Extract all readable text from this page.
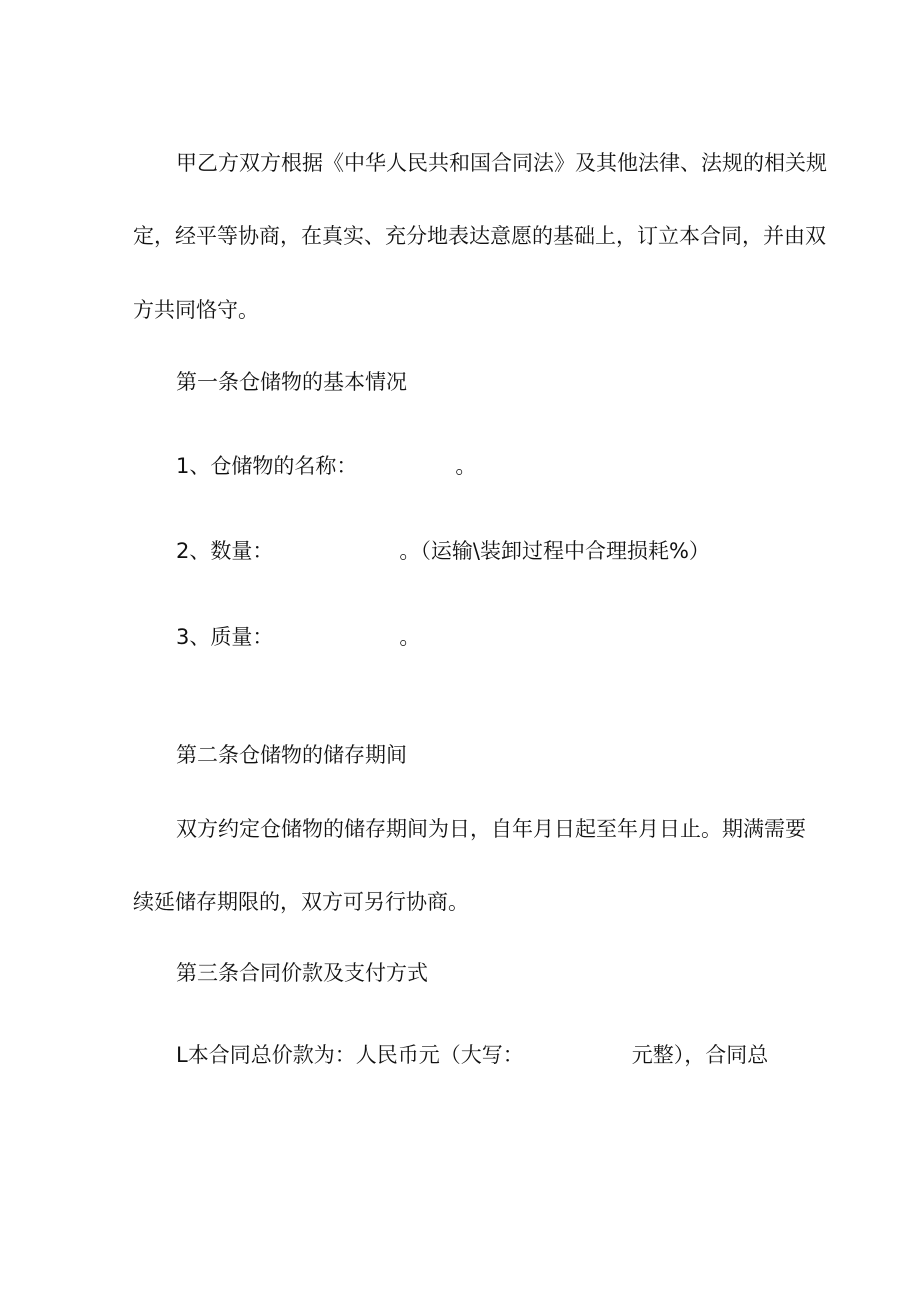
甲乙方双方根据《中华人民共和国合同法》及其他法律、法规的相关规
定，经平等协商，在真实、充分地表达意愿的基础上，订立本合同，并由双
方共同恪守。
第一条仓储物的基本情况
1、仓储物的名称：	。
2、数量：	。（运输\装卸过程中合理损耗%）
3、质量：	。
第二条仓储物的储存期间
双方约定仓储物的储存期间为日，自年月日起至年月日止。期满需要
续延储存期限的，双方可另行协商。
第三条合同价款及支付方式
L本合同总价款为：人民币元（大写：	元整），合同总
